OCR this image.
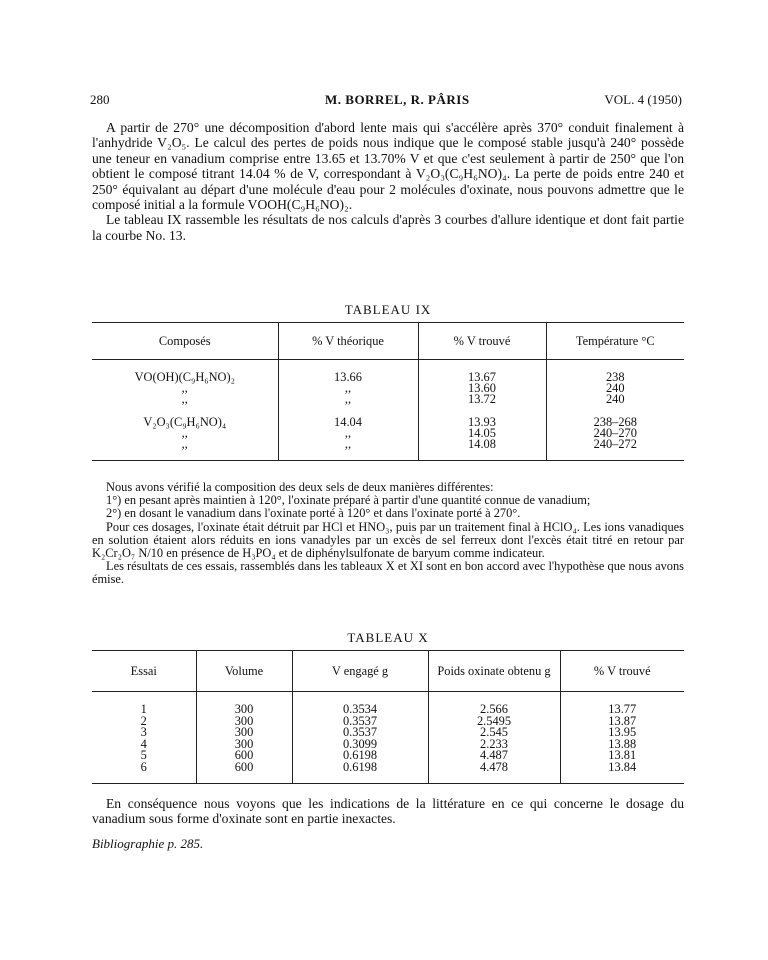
280	M. BORREL, R. PÂRIS	VOL. 4 (1950)

A partir de 270° une décomposition d'abord lente mais qui s'accélère après 370° conduit finalement à l'anhydride V₂O₅. Le calcul des pertes de poids nous indique que le composé stable jusqu'à 240° possède une teneur en vanadium comprise entre 13.65 et 13.70% V et que c'est seulement à partir de 250° que l'on obtient le composé titrant 14.04 % de V, correspondant à V₂O₃(C₉H₆NO)₄. La perte de poids entre 240 et 250° équivalant au départ d'une molécule d'eau pour 2 molécules d'oxinate, nous pouvons admettre que le composé initial a la formule VOOH(C₉H₆NO)₂.

Le tableau IX rassemble les résultats de nos calculs d'après 3 courbes d'allure identique et dont fait partie la courbe No. 13.

TABLEAU IX
Composés	% V théorique	% V trouvé	Température °C
VO(OH)(C₉H₆NO)₂	13.66	13.67	238
,,	,,	13.60	240
,,	,,	13.72	240
V₂O₃(C₉H₆NO)₄	14.04	13.93	238–268
,,	,,	14.05	240–270
,,	,,	14.08	240–272

Nous avons vérifié la composition des deux sels de deux manières différentes:

1°) en pesant après maintien à 120°, l'oxinate préparé à partir d'une quantité connue de vanadium;

2°) en dosant le vanadium dans l'oxinate porté à 120° et dans l'oxinate porté à 270°.

Pour ces dosages, l'oxinate était détruit par HCl et HNO₃, puis par un traitement final à HClO₄. Les ions vanadiques en solution étaient alors réduits en ions vanadyles par un excès de sel ferreux dont l'excès était titré en retour par K₂Cr₂O₇ N/10 en présence de H₃PO₄ et de diphénylsulfonate de baryum comme indicateur.

Les résultats de ces essais, rassemblés dans les tableaux X et XI sont en bon accord avec l'hypothèse que nous avons émise.

TABLEAU X
Essai	Volume	V engagé g	Poids oxinate obtenu g	% V trouvé
1	300	0.3534	2.566	13.77
2	300	0.3537	2.5495	13.87
3	300	0.3537	2.545	13.95
4	300	0.3099	2.233	13.88
5	600	0.6198	4.487	13.81
6	600	0.6198	4.478	13.84

En conséquence nous voyons que les indications de la littérature en ce qui concerne le dosage du vanadium sous forme d'oxinate sont en partie inexactes.

Bibliographie p. 285.
